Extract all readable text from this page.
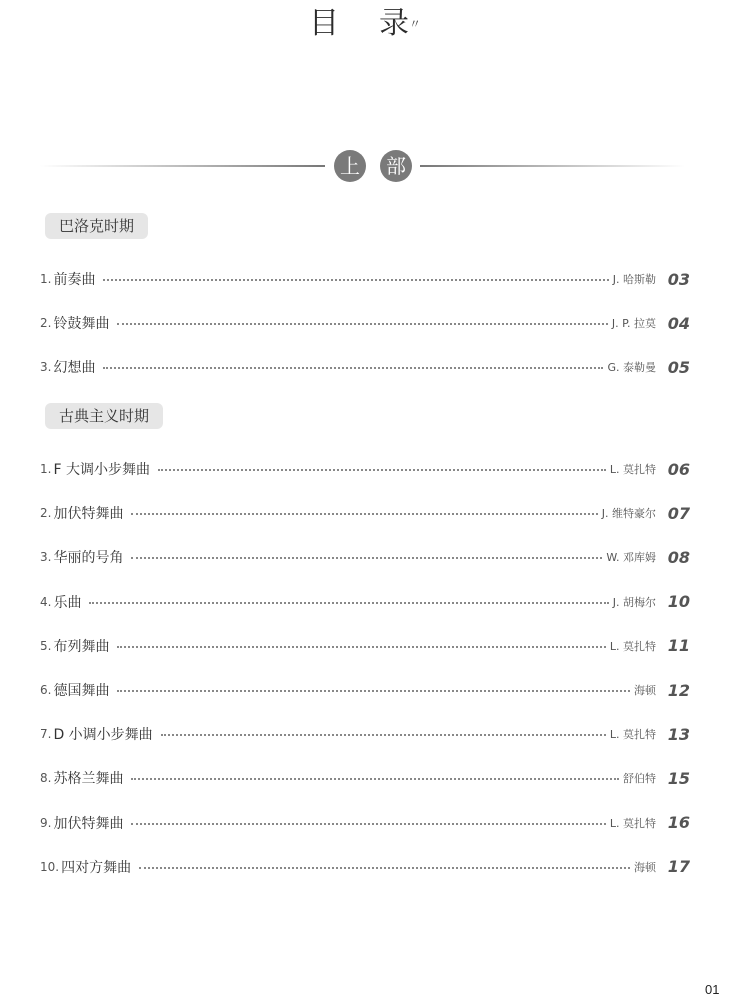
目 录〃
上	部
巴洛克时期
1. 前奏曲	J. 哈斯勒 03
2. 铃鼓舞曲	J. P. 拉莫 04
3. 幻想曲	G. 泰勒曼 05
古典主义时期
1. F 大调小步舞曲	L. 莫扎特 06
2. 加伏特舞曲	J. 维特豪尔 07
3. 华丽的号角	W. 邓库姆 08
4. 乐曲	J. 胡梅尔 10
5. 布列舞曲	L. 莫扎特 11
6. 德国舞曲	海顿 12
7. D 小调小步舞曲	L. 莫扎特 13
8. 苏格兰舞曲	舒伯特 15
9. 加伏特舞曲	L. 莫扎特 16
10. 四对方舞曲	海顿 17
01
